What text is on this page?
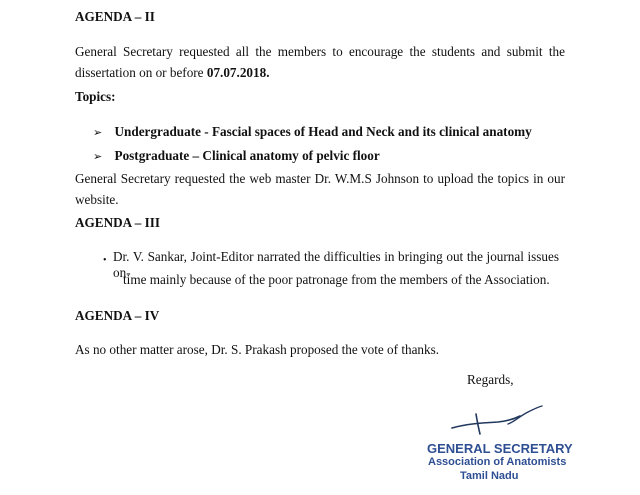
AGENDA – II
General Secretary requested all the members to encourage the students and submit the
dissertation on or before 07.07.2018.
Topics:
➢ Undergraduate - Fascial spaces of Head and Neck and its clinical anatomy
➢ Postgraduate – Clinical anatomy of pelvic floor
General Secretary requested the web master Dr. W.M.S Johnson to upload the topics in our
website.
AGENDA – III
• Dr. V. Sankar, Joint-Editor narrated the difficulties in bringing out the journal issues on-
time mainly because of the poor patronage from the members of the Association.
AGENDA – IV
As no other matter arose, Dr. S. Prakash proposed the vote of thanks.
Regards,
GENERAL SECRETARY
Association of Anatomists
Tamil Nadu
